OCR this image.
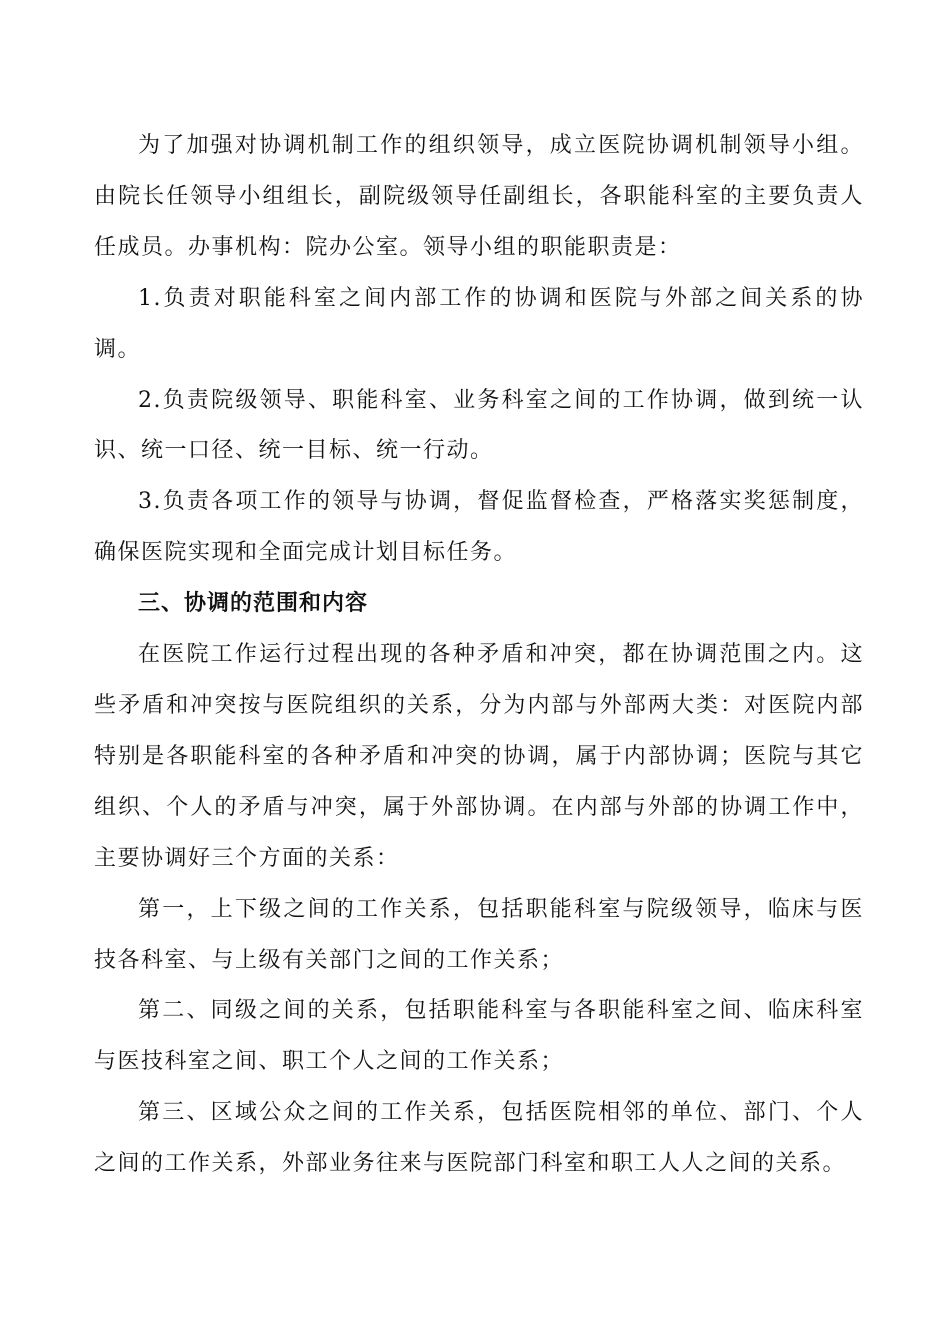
为了加强对协调机制工作的组织领导，成立医院协调机制领导小组。由院长任领导小组组长，副院级领导任副组长，各职能科室的主要负责人任成员。办事机构：院办公室。领导小组的职能职责是：

1.负责对职能科室之间内部工作的协调和医院与外部之间关系的协调。

2.负责院级领导、职能科室、业务科室之间的工作协调，做到统一认识、统一口径、统一目标、统一行动。

3.负责各项工作的领导与协调，督促监督检查，严格落实奖惩制度，确保医院实现和全面完成计划目标任务。

三、协调的范围和内容

在医院工作运行过程出现的各种矛盾和冲突，都在协调范围之内。这些矛盾和冲突按与医院组织的关系，分为内部与外部两大类：对医院内部特别是各职能科室的各种矛盾和冲突的协调，属于内部协调；医院与其它组织、个人的矛盾与冲突，属于外部协调。在内部与外部的协调工作中，主要协调好三个方面的关系：

第一，上下级之间的工作关系，包括职能科室与院级领导，临床与医技各科室、与上级有关部门之间的工作关系；

第二、同级之间的关系，包括职能科室与各职能科室之间、临床科室与医技科室之间、职工个人之间的工作关系；

第三、区域公众之间的工作关系，包括医院相邻的单位、部门、个人之间的工作关系，外部业务往来与医院部门科室和职工人人之间的关系。
